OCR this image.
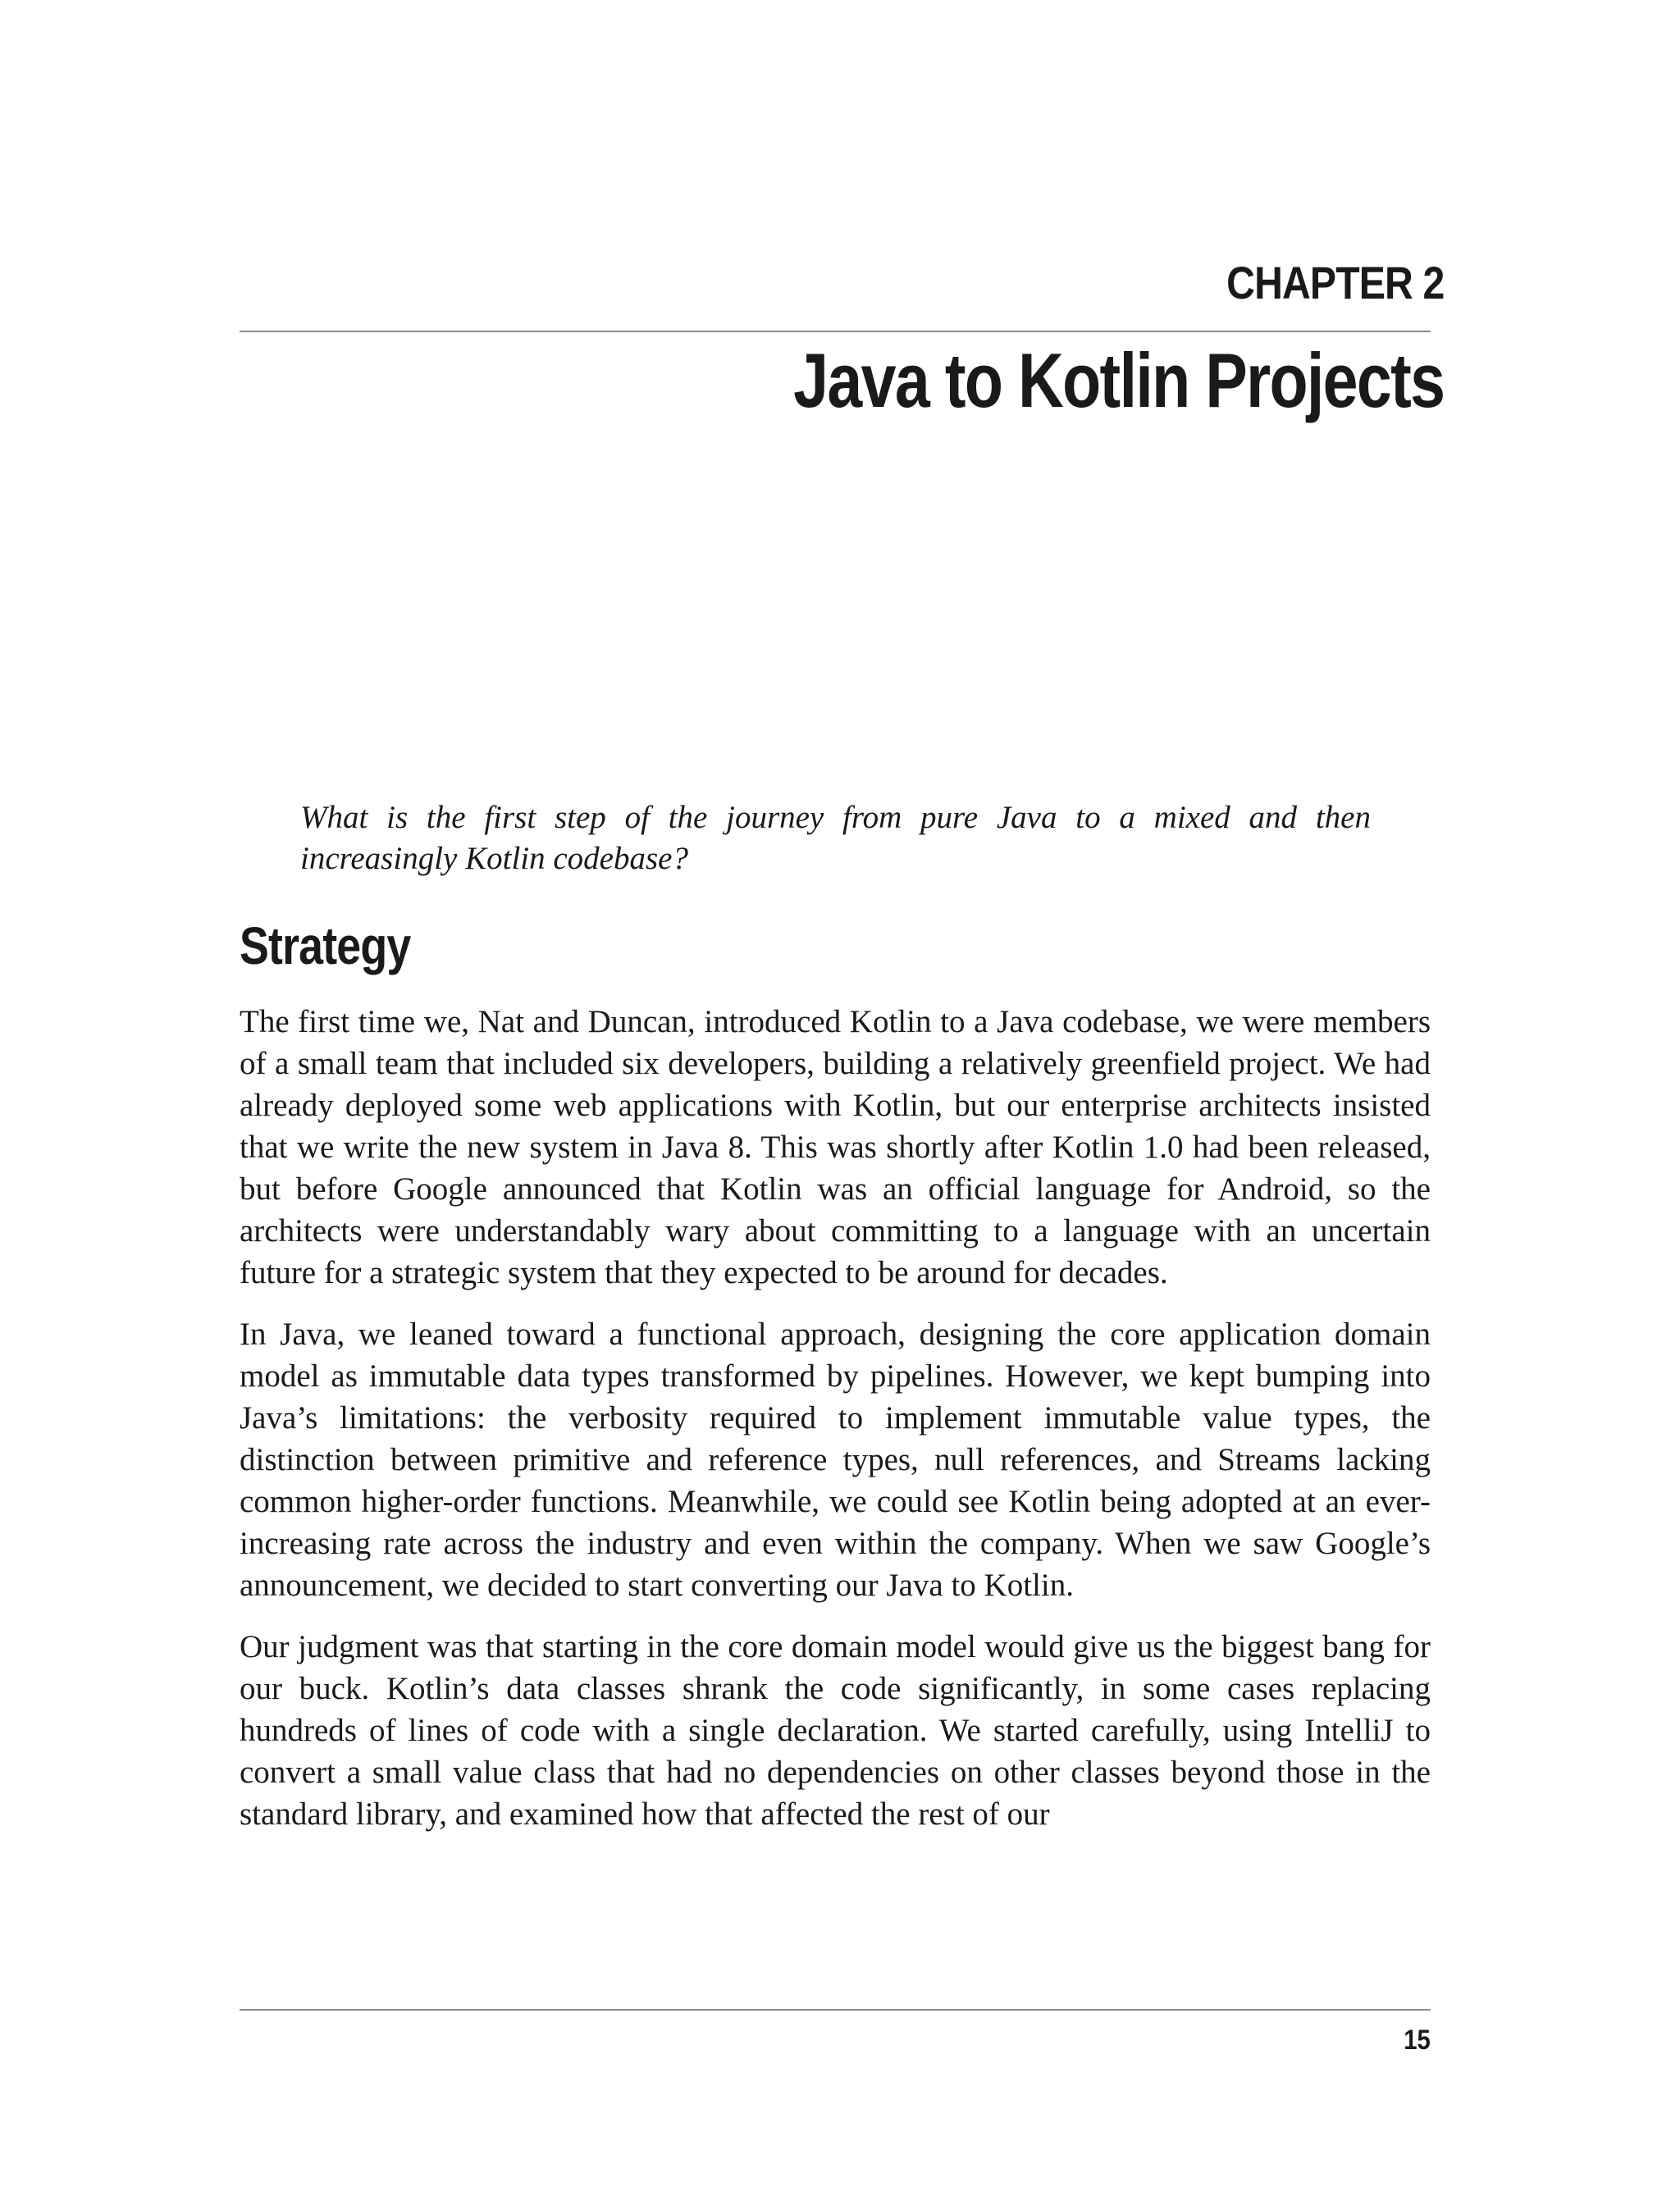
CHAPTER 2
Java to Kotlin Projects

What is the first step of the journey from pure Java to a mixed and then increasingly Kotlin codebase?

Strategy

The first time we, Nat and Duncan, introduced Kotlin to a Java codebase, we were members of a small team that included six developers, building a relatively greenfield project. We had already deployed some web applications with Kotlin, but our enterprise architects insisted that we write the new system in Java 8. This was shortly after Kotlin 1.0 had been released, but before Google announced that Kotlin was an official language for Android, so the architects were understandably wary about committing to a language with an uncertain future for a strategic system that they expected to be around for decades.

In Java, we leaned toward a functional approach, designing the core application domain model as immutable data types transformed by pipelines. However, we kept bumping into Java’s limitations: the verbosity required to implement immutable value types, the distinction between primitive and reference types, null references, and Streams lacking common higher-order functions. Meanwhile, we could see Kotlin being adopted at an ever-increasing rate across the industry and even within the company. When we saw Google’s announcement, we decided to start converting our Java to Kotlin.

Our judgment was that starting in the core domain model would give us the biggest bang for our buck. Kotlin’s data classes shrank the code significantly, in some cases replacing hundreds of lines of code with a single declaration. We started carefully, using IntelliJ to convert a small value class that had no dependencies on other classes beyond those in the standard library, and examined how that affected the rest of our

15
